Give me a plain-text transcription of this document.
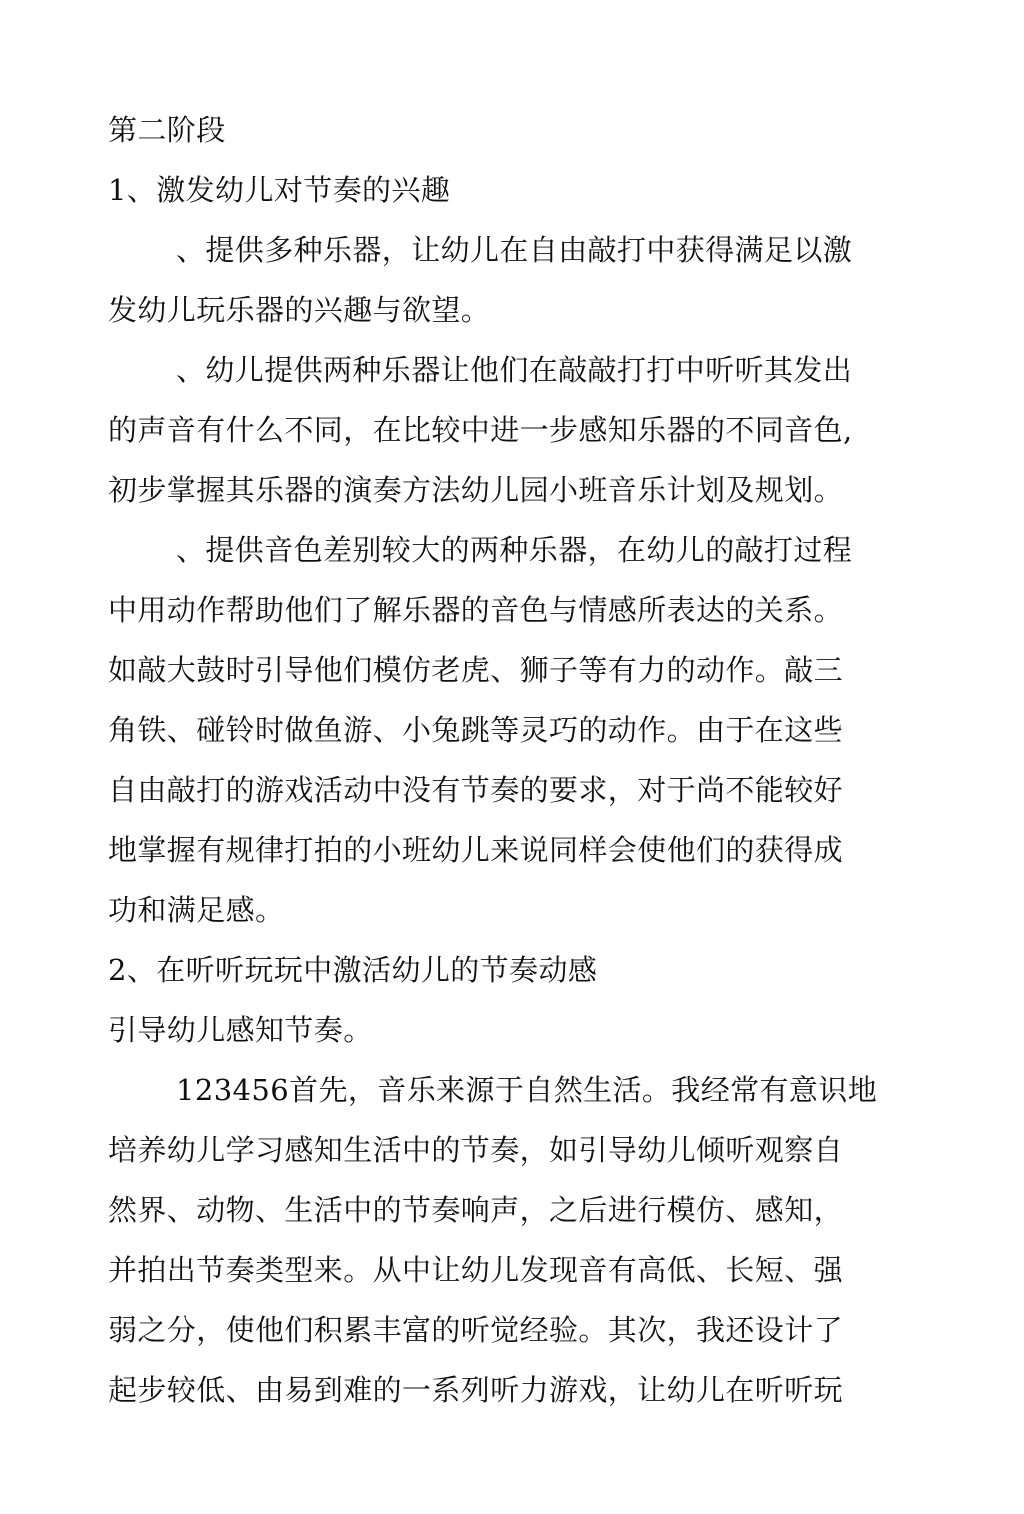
第二阶段
1、激发幼儿对节奏的兴趣
、提供多种乐器，让幼儿在自由敲打中获得满足以激
发幼儿玩乐器的兴趣与欲望。
、幼儿提供两种乐器让他们在敲敲打打中听听其发出
的声音有什么不同，在比较中进一步感知乐器的不同音色,
初步掌握其乐器的演奏方法幼儿园小班音乐计划及规划。
、提供音色差别较大的两种乐器，在幼儿的敲打过程
中用动作帮助他们了解乐器的音色与情感所表达的关系。
如敲大鼓时引导他们模仿老虎、狮子等有力的动作。敲三
角铁、碰铃时做鱼游、小兔跳等灵巧的动作。由于在这些
自由敲打的游戏活动中没有节奏的要求，对于尚不能较好
地掌握有规律打拍的小班幼儿来说同样会使他们的获得成
功和满足感。
2、在听听玩玩中激活幼儿的节奏动感
引导幼儿感知节奏。
123456首先，音乐来源于自然生活。我经常有意识地
培养幼儿学习感知生活中的节奏，如引导幼儿倾听观察自
然界、动物、生活中的节奏响声，之后进行模仿、感知，
并拍出节奏类型来。从中让幼儿发现音有高低、长短、强
弱之分，使他们积累丰富的听觉经验。其次，我还设计了
起步较低、由易到难的一系列听力游戏，让幼儿在听听玩
